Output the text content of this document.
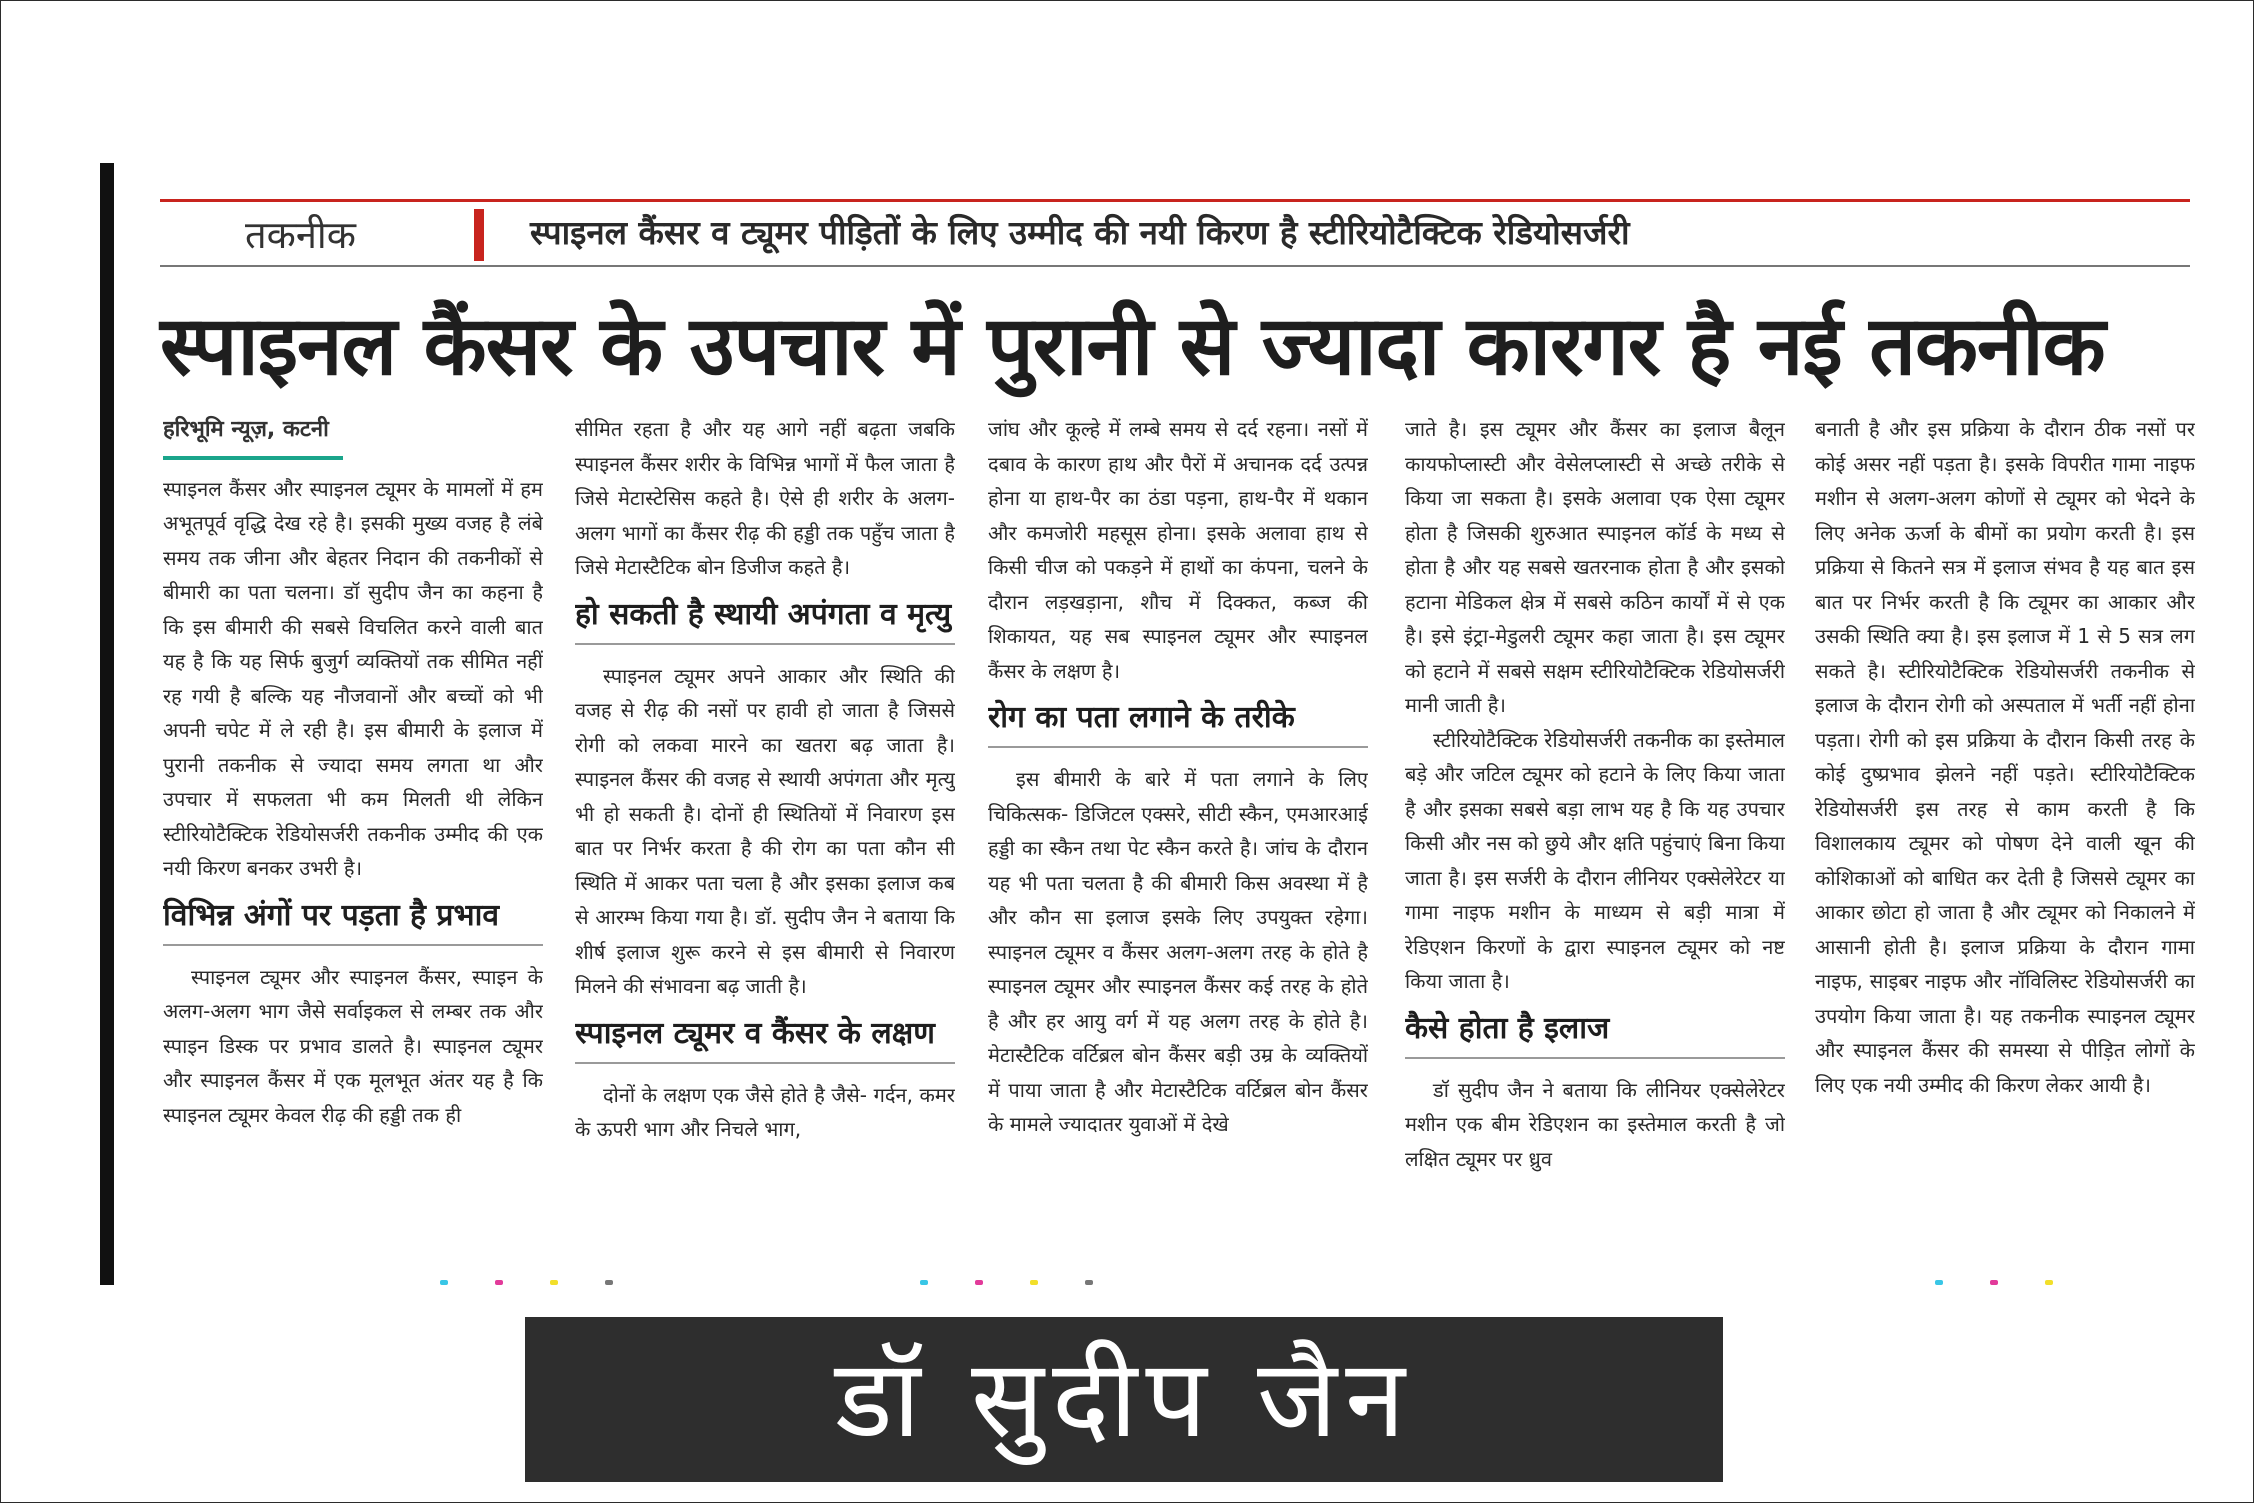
तकनीक	स्पाइनल कैंसर व ट्यूमर पीड़ितों के लिए उम्मीद की नयी किरण है स्टीरियोटैक्टिक रेडियोसर्जरी
स्पाइनल कैंसर के उपचार में पुरानी से ज्यादा कारगर है नई तकनीक
हरिभूमि न्यूज़, कटनी

स्पाइनल कैंसर और स्पाइनल ट्यूमर के मामलों में हम अभूतपूर्व वृद्धि देख रहे है। इसकी मुख्य वजह है लंबे समय तक जीना और बेहतर निदान की तकनीकों से बीमारी का पता चलना। डॉ सुदीप जैन का कहना है कि इस बीमारी की सबसे विचलित करने वाली बात यह है कि यह सिर्फ बुजुर्ग व्यक्तियों तक सीमित नहीं रह गयी है बल्कि यह नौजवानों और बच्चों को भी अपनी चपेट में ले रही है। इस बीमारी के इलाज में पुरानी तकनीक से ज्यादा समय लगता था और उपचार में सफलता भी कम मिलती थी लेकिन स्टीरियोटैक्टिक रेडियोसर्जरी तकनीक उम्मीद की एक नयी किरण बनकर उभरी है।

विभिन्न अंगों पर पड़ता है प्रभाव

स्पाइनल ट्यूमर और स्पाइनल कैंसर, स्पाइन के अलग-अलग भाग जैसे सर्वाइकल से लम्बर तक और स्पाइन डिस्क पर प्रभाव डालते है। स्पाइनल ट्यूमर और स्पाइनल कैंसर में एक मूलभूत अंतर यह है कि स्पाइनल ट्यूमर केवल रीढ़ की हड्डी तक ही

सीमित रहता है और यह आगे नहीं बढ़ता जबकि स्पाइनल कैंसर शरीर के विभिन्न भागों में फैल जाता है जिसे मेटास्टेसिस कहते है। ऐसे ही शरीर के अलग-अलग भागों का कैंसर रीढ़ की हड्डी तक पहुँच जाता है जिसे मेटास्टैटिक बोन डिजीज कहते है।

हो सकती है स्थायी अपंगता व मृत्यु

स्पाइनल ट्यूमर अपने आकार और स्थिति की वजह से रीढ़ की नसों पर हावी हो जाता है जिससे रोगी को लकवा मारने का खतरा बढ़ जाता है। स्पाइनल कैंसर की वजह से स्थायी अपंगता और मृत्यु भी हो सकती है। दोनों ही स्थितियों में निवारण इस बात पर निर्भर करता है की रोग का पता कौन सी स्थिति में आकर पता चला है और इसका इलाज कब से आरम्भ किया गया है। डॉ. सुदीप जैन ने बताया कि शीर्ष इलाज शुरू करने से इस बीमारी से निवारण मिलने की संभावना बढ़ जाती है।

स्पाइनल ट्यूमर व कैंसर के लक्षण

दोनों के लक्षण एक जैसे होते है जैसे- गर्दन, कमर के ऊपरी भाग और निचले भाग,

जांघ और कूल्हे में लम्बे समय से दर्द रहना। नसों में दबाव के कारण हाथ और पैरों में अचानक दर्द उत्पन्न होना या हाथ-पैर का ठंडा पड़ना, हाथ-पैर में थकान और कमजोरी महसूस होना। इसके अलावा हाथ से किसी चीज को पकड़ने में हाथों का कंपना, चलने के दौरान लड़खड़ाना, शौच में दिक्कत, कब्ज की शिकायत, यह सब स्पाइनल ट्यूमर और स्पाइनल कैंसर के लक्षण है।

रोग का पता लगाने के तरीके

इस बीमारी के बारे में पता लगाने के लिए चिकित्सक- डिजिटल एक्सरे, सीटी स्कैन, एमआरआई हड्डी का स्कैन तथा पेट स्कैन करते है। जांच के दौरान यह भी पता चलता है की बीमारी किस अवस्था में है और कौन सा इलाज इसके लिए उपयुक्त रहेगा। स्पाइनल ट्यूमर व कैंसर अलग-अलग तरह के होते है स्पाइनल ट्यूमर और स्पाइनल कैंसर कई तरह के होते है और हर आयु वर्ग में यह अलग तरह के होते है। मेटास्टैटिक वर्टिब्रल बोन कैंसर बड़ी उम्र के व्यक्तियों में पाया जाता है और मेटास्टैटिक वर्टिब्रल बोन कैंसर के मामले ज्यादातर युवाओं में देखे

जाते है। इस ट्यूमर और कैंसर का इलाज बैलून कायफोप्लास्टी और वेसेलप्लास्टी से अच्छे तरीके से किया जा सकता है। इसके अलावा एक ऐसा ट्यूमर होता है जिसकी शुरुआत स्पाइनल कॉर्ड के मध्य से होता है और यह सबसे खतरनाक होता है और इसको हटाना मेडिकल क्षेत्र में सबसे कठिन कार्यों में से एक है। इसे इंट्रा-मेडुलरी ट्यूमर कहा जाता है। इस ट्यूमर को हटाने में सबसे सक्षम स्टीरियोटैक्टिक रेडियोसर्जरी मानी जाती है।

स्टीरियोटैक्टिक रेडियोसर्जरी तकनीक का इस्तेमाल बड़े और जटिल ट्यूमर को हटाने के लिए किया जाता है और इसका सबसे बड़ा लाभ यह है कि यह उपचार किसी और नस को छुये और क्षति पहुंचाएं बिना किया जाता है। इस सर्जरी के दौरान लीनियर एक्सेलेरेटर या गामा नाइफ मशीन के माध्यम से बड़ी मात्रा में रेडिएशन किरणों के द्वारा स्पाइनल ट्यूमर को नष्ट किया जाता है।

कैसे होता है इलाज

डॉ सुदीप जैन ने बताया कि लीनियर एक्सेलेरेटर मशीन एक बीम रेडिएशन का इस्तेमाल करती है जो लक्षित ट्यूमर पर ध्रुव

बनाती है और इस प्रक्रिया के दौरान ठीक नसों पर कोई असर नहीं पड़ता है। इसके विपरीत गामा नाइफ मशीन से अलग-अलग कोणों से ट्यूमर को भेदने के लिए अनेक ऊर्जा के बीमों का प्रयोग करती है। इस प्रक्रिया से कितने सत्र में इलाज संभव है यह बात इस बात पर निर्भर करती है कि ट्यूमर का आकार और उसकी स्थिति क्या है। इस इलाज में 1 से 5 सत्र लग सकते है। स्टीरियोटैक्टिक रेडियोसर्जरी तकनीक से इलाज के दौरान रोगी को अस्पताल में भर्ती नहीं होना पड़ता। रोगी को इस प्रक्रिया के दौरान किसी तरह के कोई दुष्प्रभाव झेलने नहीं पड़ते। स्टीरियोटैक्टिक रेडियोसर्जरी इस तरह से काम करती है कि विशालकाय ट्यूमर को पोषण देने वाली खून की कोशिकाओं को बाधित कर देती है जिससे ट्यूमर का आकार छोटा हो जाता है और ट्यूमर को निकालने में आसानी होती है। इलाज प्रक्रिया के दौरान गामा नाइफ, साइबर नाइफ और नॉविलिस्ट रेडियोसर्जरी का उपयोग किया जाता है। यह तकनीक स्पाइनल ट्यूमर और स्पाइनल कैंसर की समस्या से पीड़ित लोगों के लिए एक नयी उम्मीद की किरण लेकर आयी है।

डॉ सुदीप जैन
